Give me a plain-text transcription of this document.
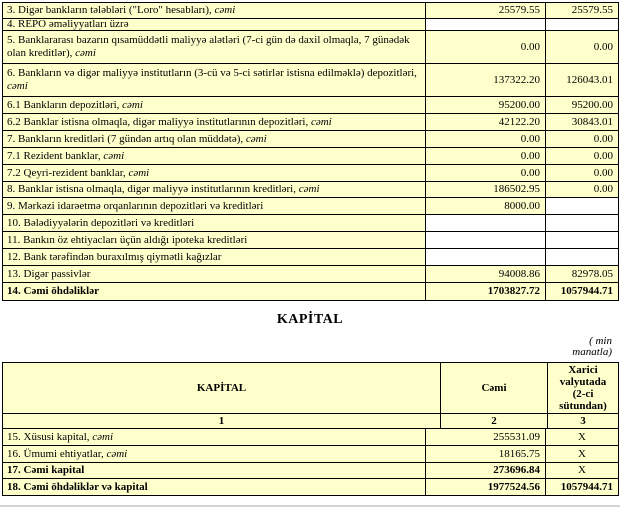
3. Digər bankların tələbləri ("Loro" hesabları), cəmi	25579.55	25579.55
4. REPO əməliyyatları üzrə		
5. Banklararası bazarın qısamüddətli maliyyə alətləri (7-ci gün də daxil olmaqla, 7 günədək olan kreditlər), cəmi	0.00	0.00
6. Bankların və digər maliyyə institutların (3-cü və 5-ci sətirlər istisna edilməklə) depozitləri, cəmi	137322.20	126043.01
6.1 Bankların depozitləri, cəmi	95200.00	95200.00
6.2 Banklar istisna olmaqla, digər maliyyə institutlarının depozitləri, cəmi	42122.20	30843.01
7. Bankların kreditləri (7 gündən artıq olan müddətə), cəmi	0.00	0.00
7.1 Rezident banklar, cəmi	0.00	0.00
7.2 Qeyri-rezident banklar, cəmi	0.00	0.00
8. Banklar istisna olmaqla, digər maliyyə institutlarının kreditləri, cəmi	186502.95	0.00
9. Mərkəzi idarəetmə orqanlarının depozitləri və kreditləri	8000.00	
10. Bələdiyyələrin depozitləri və kreditləri		
11. Bankın öz ehtiyacları üçün aldığı ipoteka kreditləri		
12. Bank tərəfindən buraxılmış qiymətli kağızlar		
13. Digər passivlər	94008.86	82978.05
14. Cəmi öhdəliklər	1703827.72	1057944.71
KAPİTAL
( min
manatla)
KAPİTAL	Cəmi	Xarici valyutada (2-ci sütundan)
1	2	3
15. Xüsusi kapital, cəmi	255531.09	X
16. Ümumi ehtiyatlar, cəmi	18165.75	X
17. Cəmi kapital	273696.84	X
18. Cəmi öhdəliklər və kapital	1977524.56	1057944.71
